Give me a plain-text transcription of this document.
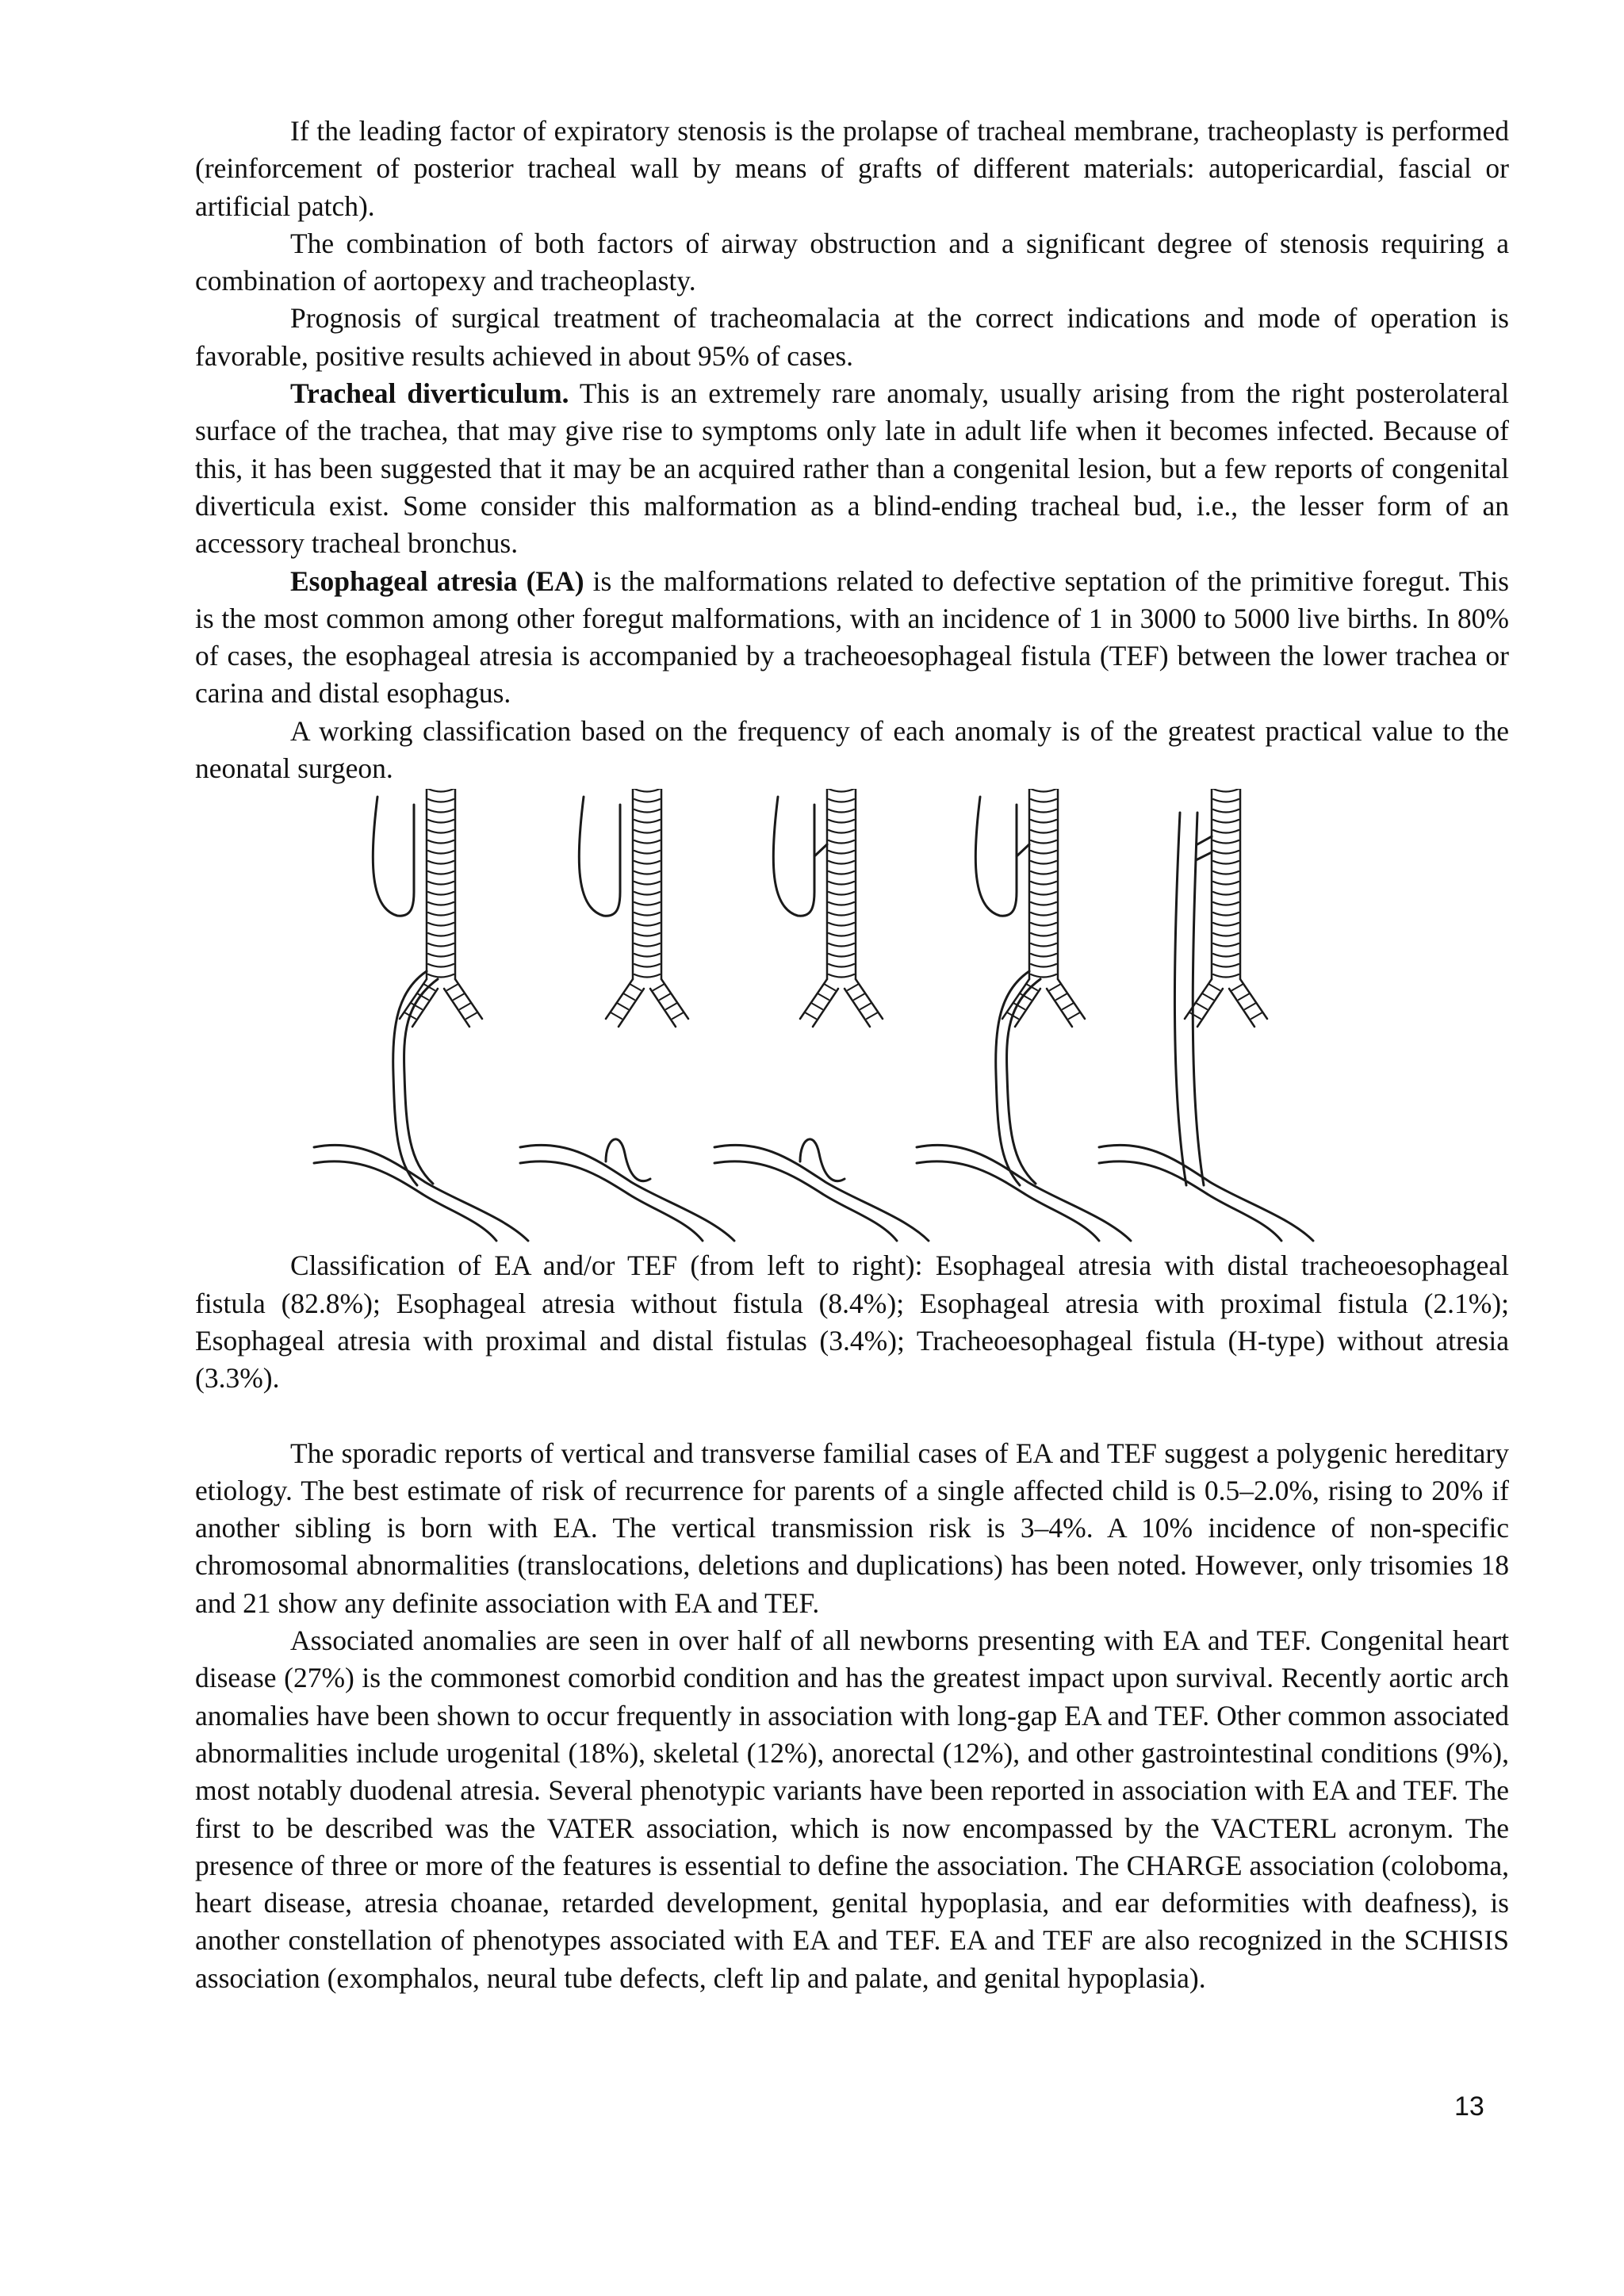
If the leading factor of expiratory stenosis is the prolapse of tracheal membrane, tracheoplasty is performed (reinforcement of posterior tracheal wall by means of grafts of different materials: autopericardial, fascial or artificial patch).

The combination of both factors of airway obstruction and a significant degree of stenosis requiring a combination of aortopexy and tracheoplasty.

Prognosis of surgical treatment of tracheomalacia at the correct indications and mode of operation is favorable, positive results achieved in about 95% of cases.

Tracheal diverticulum. This is an extremely rare anomaly, usually arising from the right posterolateral surface of the trachea, that may give rise to symptoms only late in adult life when it becomes infected. Because of this, it has been suggested that it may be an acquired rather than a congenital lesion, but a few reports of congenital diverticula exist. Some consider this malformation as a blind-ending tracheal bud, i.e., the lesser form of an accessory tracheal bronchus.

Esophageal atresia (EA) is the malformations related to defective septation of the primitive foregut. This is the most common among other foregut malformations, with an incidence of 1 in 3000 to 5000 live births. In 80% of cases, the esophageal atresia is accompanied by a tracheoesophageal fistula (TEF) between the lower trachea or carina and distal esophagus.

A working classification based on the frequency of each anomaly is of the greatest practical value to the neonatal surgeon.

Classification of EA and/or TEF (from left to right): Esophageal atresia with distal tracheoesophageal fistula (82.8%); Esophageal atresia without fistula (8.4%); Esophageal atresia with proximal fistula (2.1%); Esophageal atresia with proximal and distal fistulas (3.4%); Tracheoesophageal fistula (H-type) without atresia (3.3%).

The sporadic reports of vertical and transverse familial cases of EA and TEF suggest a polygenic hereditary etiology. The best estimate of risk of recurrence for parents of a single affected child is 0.5–2.0%, rising to 20% if another sibling is born with EA. The vertical transmission risk is 3–4%. A 10% incidence of non-specific chromosomal abnormalities (translocations, deletions and duplications) has been noted. However, only trisomies 18 and 21 show any definite association with EA and TEF.

Associated anomalies are seen in over half of all newborns presenting with EA and TEF. Congenital heart disease (27%) is the commonest comorbid condition and has the greatest impact upon survival. Recently aortic arch anomalies have been shown to occur frequently in association with long-gap EA and TEF. Other common associated abnormalities include urogenital (18%), skeletal (12%), anorectal (12%), and other gastrointestinal conditions (9%), most notably duodenal atresia. Several phenotypic variants have been reported in association with EA and TEF. The first to be described was the VATER association, which is now encompassed by the VACTERL acronym. The presence of three or more of the features is essential to define the association. The CHARGE association (coloboma, heart disease, atresia choanae, retarded development, genital hypoplasia, and ear deformities with deafness), is another constellation of phenotypes associated with EA and TEF. EA and TEF are also recognized in the SCHISIS association (exomphalos, neural tube defects, cleft lip and palate, and genital hypoplasia).

13
